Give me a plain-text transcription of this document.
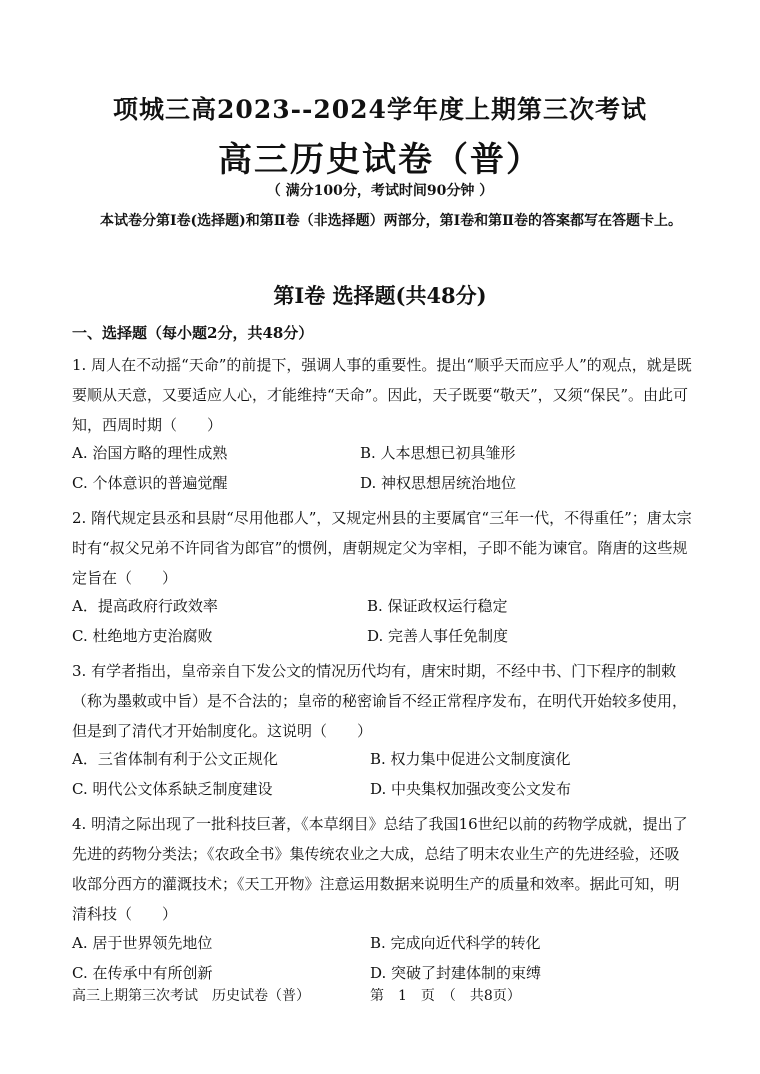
项城三高2023--2024学年度上期第三次考试
高三历史试卷（普）
（ 满分100分，考试时间90分钟 ）
本试卷分第Ⅰ卷(选择题)和第Ⅱ卷（非选择题）两部分，第Ⅰ卷和第Ⅱ卷的答案都写在答题卡上。
第Ⅰ卷 选择题(共48分)
一、选择题（每小题2分，共48分）
1. 周人在不动摇“天命”的前提下，强调人事的重要性。提出“顺乎天而应乎人”的观点，就是既要顺从天意，又要适应人心，才能维持“天命”。因此，天子既要“敬天”，又须“保民”。由此可知，西周时期（　　）
A. 治国方略的理性成熟	B. 人本思想已初具雏形
C. 个体意识的普遍觉醒	D. 神权思想居统治地位
2. 隋代规定县丞和县尉“尽用他郡人”，又规定州县的主要属官“三年一代，不得重任”；唐太宗时有“叔父兄弟不许同省为郎官”的惯例，唐朝规定父为宰相，子即不能为谏官。隋唐的这些规定旨在（　　）
A．提高政府行政效率	B. 保证政权运行稳定
C. 杜绝地方吏治腐败	D. 完善人事任免制度
3. 有学者指出，皇帝亲自下发公文的情况历代均有，唐宋时期，不经中书、门下程序的制敕（称为墨敕或中旨）是不合法的；皇帝的秘密谕旨不经正常程序发布，在明代开始较多使用，但是到了清代才开始制度化。这说明（　　）
A．三省体制有利于公文正规化	B. 权力集中促进公文制度演化
C. 明代公文体系缺乏制度建设	D. 中央集权加强改变公文发布
4. 明清之际出现了一批科技巨著，《本草纲目》总结了我国16世纪以前的药物学成就，提出了先进的药物分类法；《农政全书》集传统农业之大成，总结了明末农业生产的先进经验，还吸收部分西方的灌溉技术；《天工开物》注意运用数据来说明生产的质量和效率。据此可知，明清科技（　　）
A. 居于世界领先地位	B. 完成向近代科学的转化
C. 在传承中有所创新	D. 突破了封建体制的束缚
高三上期第三次考试　历史试卷（普）	第　1　页　（　共8页）
